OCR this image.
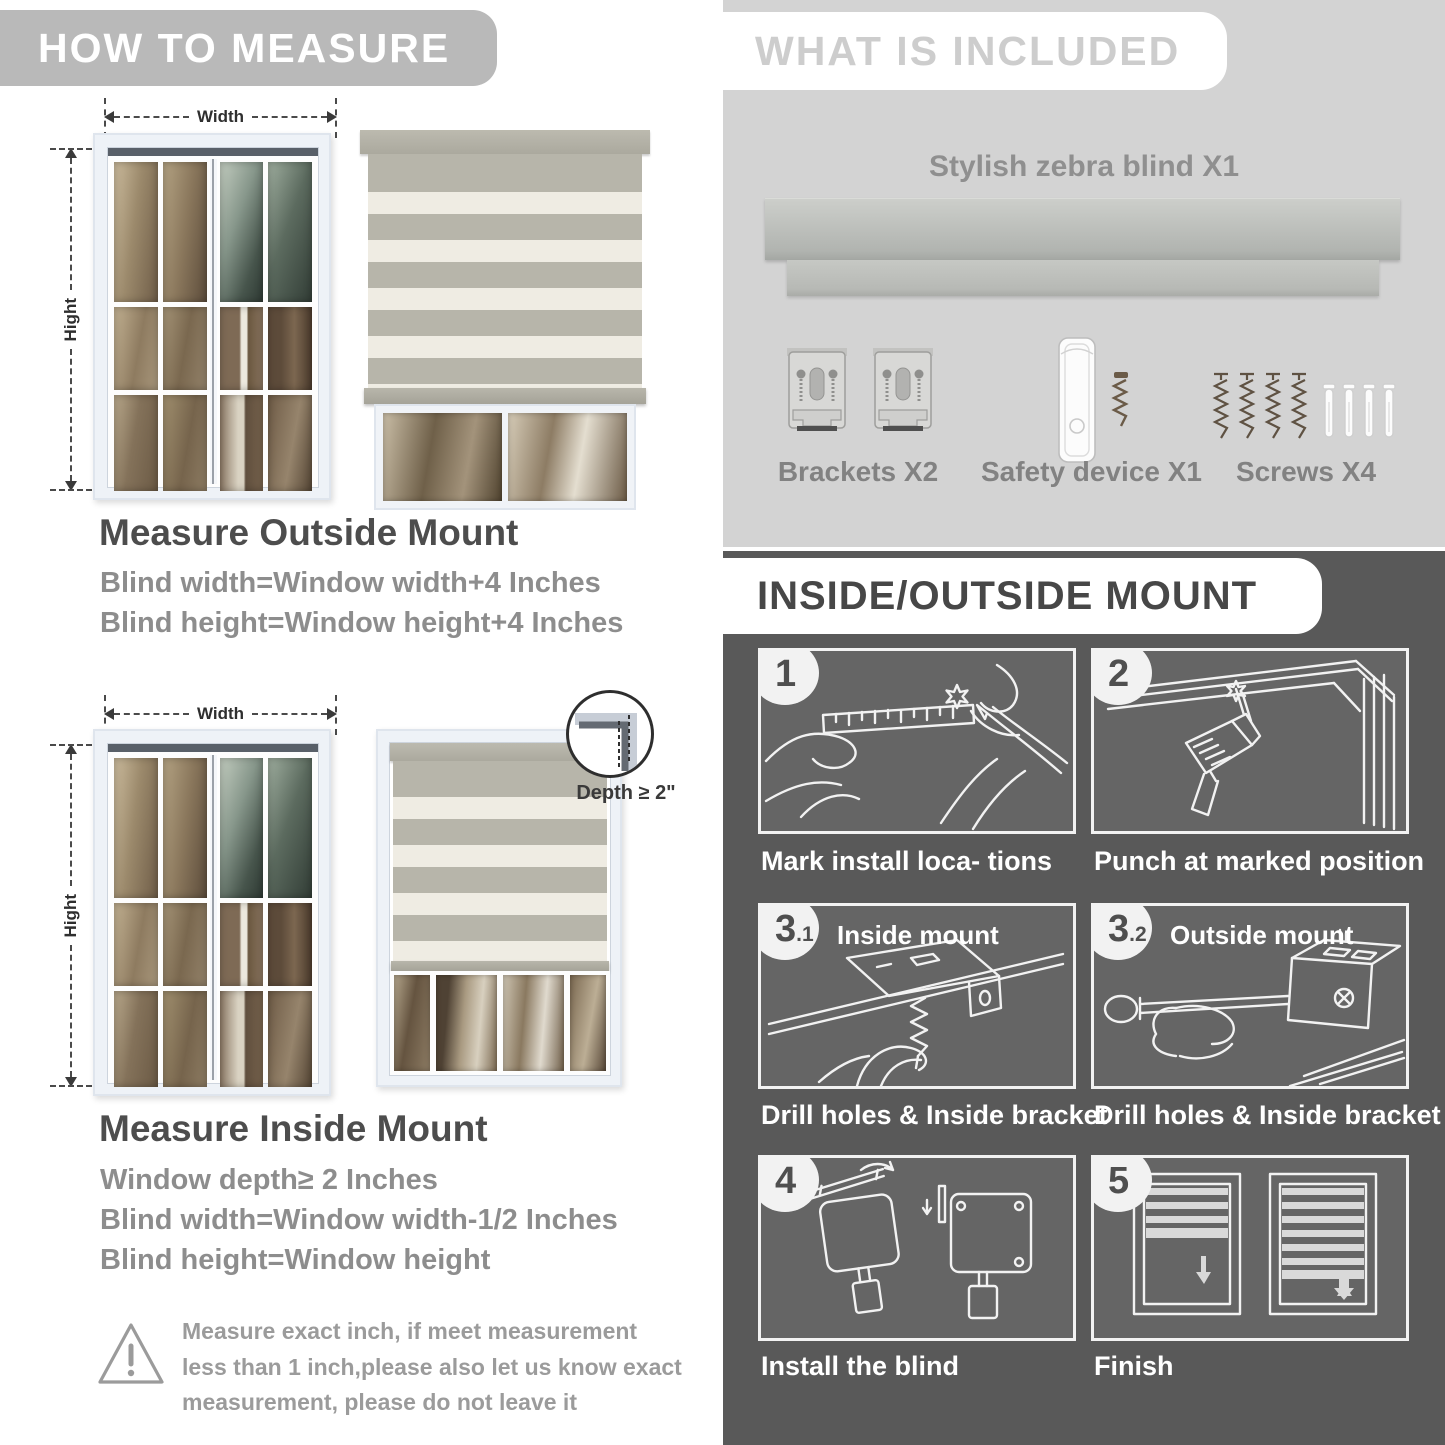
HOW TO MEASURE
Width
Hight
Measure Outside Mount
Blind width=Window width+4 Inches
Blind height=Window height+4 Inches
Width
Hight
Depth ≥ 2"
Measure Inside Mount
Window depth≥ 2 Inches
Blind width=Window width-1/2 Inches
Blind height=Window height
Measure exact inch, if meet measurement less than 1 inch,please also let us know exact measurement, please do not leave it
WHAT IS INCLUDED
Stylish zebra blind X1
Brackets X2	Safety device X1	Screws X4
INSIDE/OUTSIDE MOUNT
1	2
Mark install loca- tions Punch at marked position
3.1 Inside mount	3.2 Outside mount
Drill holes & Inside bracket
Drill holes & Inside bracket
4	5
Install the blind	Finish
